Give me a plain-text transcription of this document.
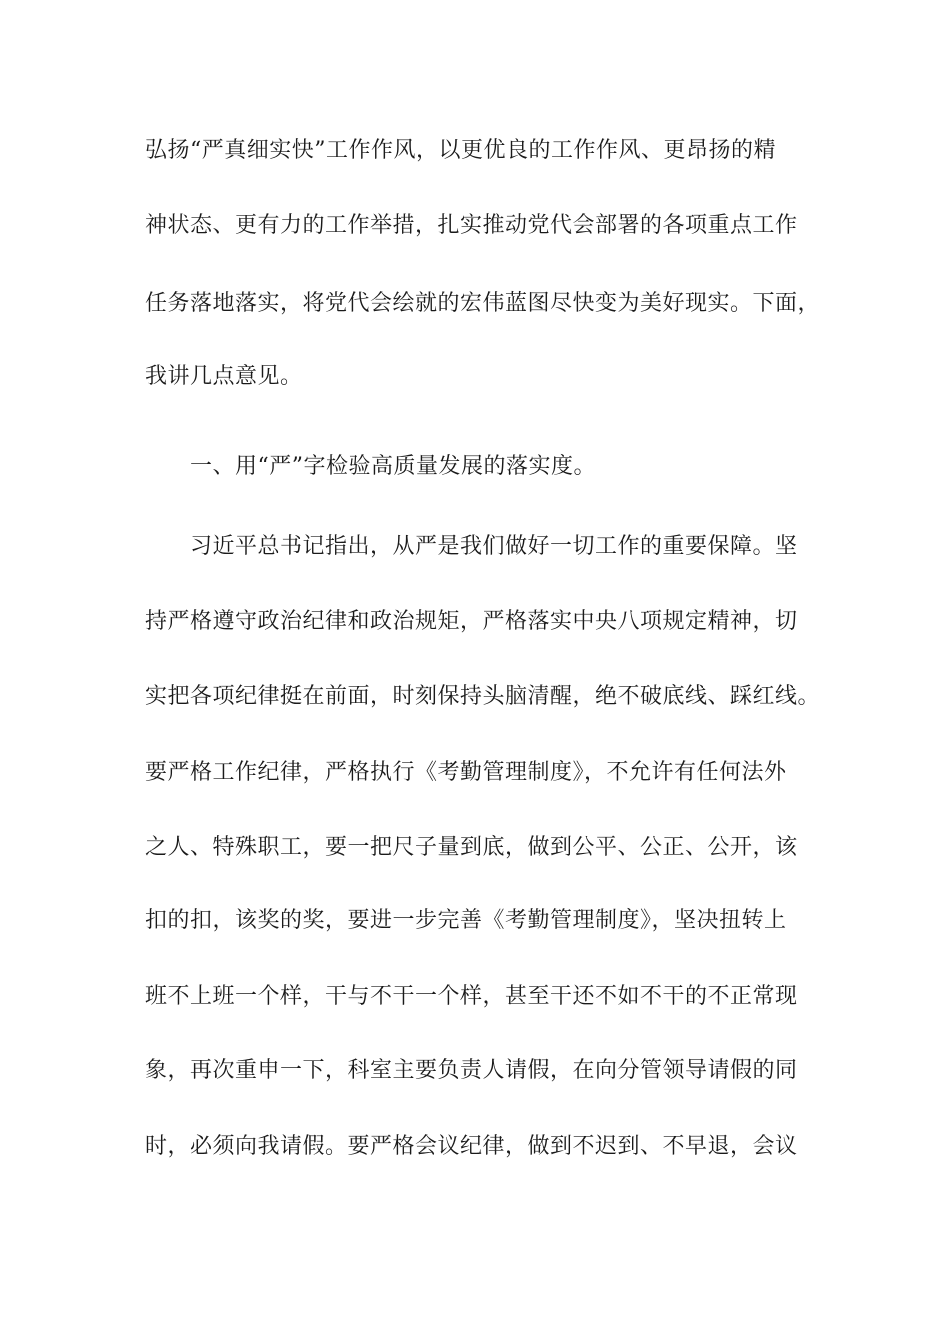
弘扬“严真细实快”工作作风，以更优良的工作作风、更昂扬的精
神状态、更有力的工作举措，扎实推动党代会部署的各项重点工作
任务落地落实，将党代会绘就的宏伟蓝图尽快变为美好现实。下面，
我讲几点意见。
一、用“严”字检验高质量发展的落实度。
习近平总书记指出，从严是我们做好一切工作的重要保障。坚
持严格遵守政治纪律和政治规矩，严格落实中央八项规定精神，切
实把各项纪律挺在前面，时刻保持头脑清醒，绝不破底线、踩红线。
要严格工作纪律，严格执行《考勤管理制度》，不允许有任何法外
之人、特殊职工，要一把尺子量到底，做到公平、公正、公开，该
扣的扣，该奖的奖，要进一步完善《考勤管理制度》，坚决扭转上
班不上班一个样，干与不干一个样，甚至干还不如不干的不正常现
象，再次重申一下，科室主要负责人请假，在向分管领导请假的同
时，必须向我请假。要严格会议纪律，做到不迟到、不早退，会议
